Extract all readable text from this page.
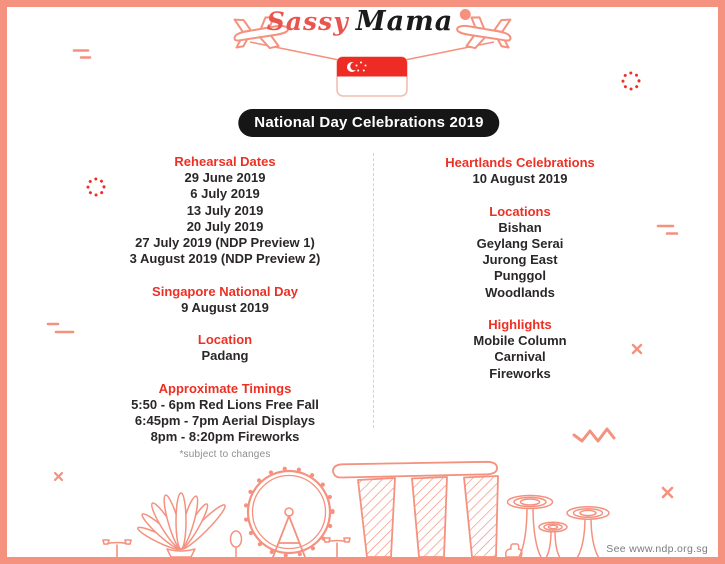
Sassy Mama
National Day Celebrations 2019
Rehearsal Dates
29 June 2019
6 July 2019
13 July 2019
20 July 2019
27 July 2019 (NDP Preview 1)
3 August 2019 (NDP Preview 2)
Singapore National Day
9 August 2019
Location
Padang
Approximate Timings
5:50 - 6pm Red Lions Free Fall
6:45pm - 7pm Aerial Displays
8pm - 8:20pm Fireworks
*subject to changes
Heartlands Celebrations
10 August 2019
Locations
Bishan
Geylang Serai
Jurong East
Punggol
Woodlands
Highlights
Mobile Column
Carnival
Fireworks
See www.ndp.org.sg
